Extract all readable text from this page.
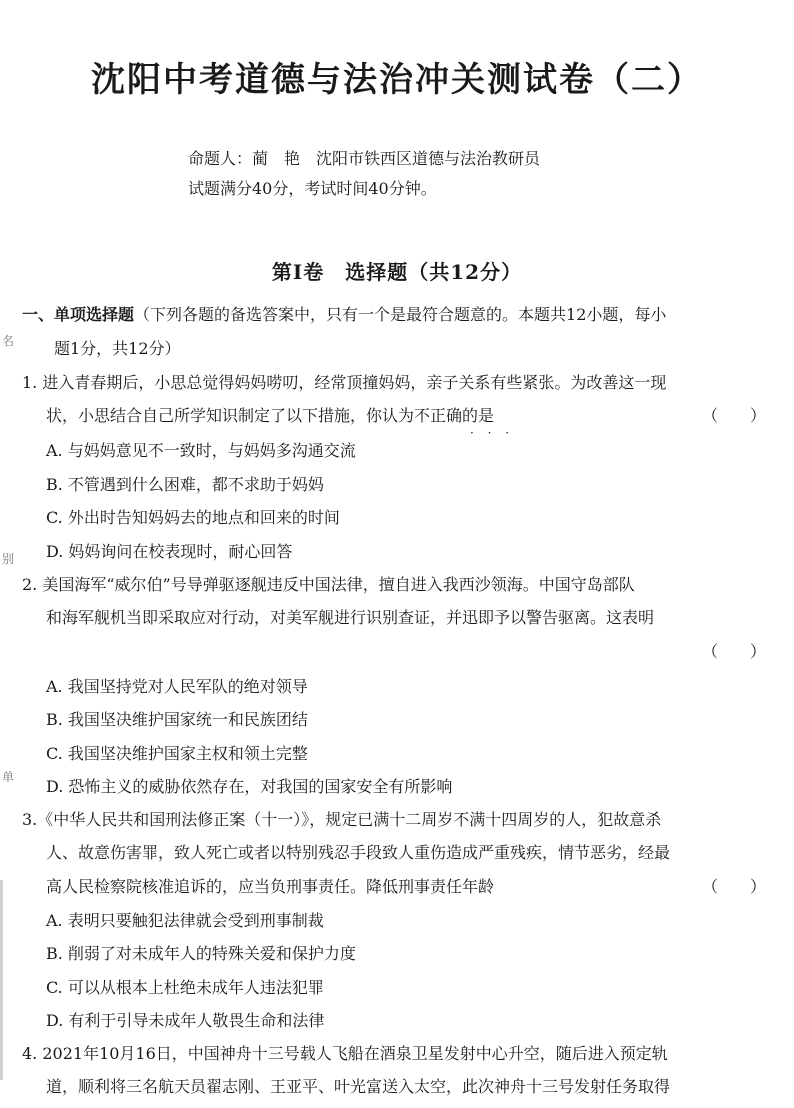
沈阳中考道德与法治冲关测试卷（二）
命题人：蔺　艳　沈阳市铁西区道德与法治教研员
试题满分40分，考试时间40分钟。
第Ⅰ卷　选择题（共12分）
名
别
单
一、单项选择题（下列各题的备选答案中，只有一个是最符合题意的。本题共12小题，每小
题1分，共12分）
1. 进入青春期后，小思总觉得妈妈唠叨，经常顶撞妈妈，亲子关系有些紧张。为改善这一现
状，小思结合自己所学知识制定了以下措施，你认为不正确的是
· · ·
（　　）
A. 与妈妈意见不一致时，与妈妈多沟通交流
B. 不管遇到什么困难，都不求助于妈妈
C. 外出时告知妈妈去的地点和回来的时间
D. 妈妈询问在校表现时，耐心回答
2. 美国海军“威尔伯”号导弹驱逐舰违反中国法律，擅自进入我西沙领海。中国守岛部队
和海军舰机当即采取应对行动，对美军舰进行识别查证，并迅即予以警告驱离。这表明
（　　）
A. 我国坚持党对人民军队的绝对领导
B. 我国坚决维护国家统一和民族团结
C. 我国坚决维护国家主权和领土完整
D. 恐怖主义的威胁依然存在，对我国的国家安全有所影响
3.《中华人民共和国刑法修正案（十一）》，规定已满十二周岁不满十四周岁的人，犯故意杀
人、故意伤害罪，致人死亡或者以特别残忍手段致人重伤造成严重残疾，情节恶劣，经最
高人民检察院核准追诉的，应当负刑事责任。降低刑事责任年龄	（　　）
A. 表明只要触犯法律就会受到刑事制裁
B. 削弱了对未成年人的特殊关爱和保护力度
C. 可以从根本上杜绝未成年人违法犯罪
D. 有利于引导未成年人敬畏生命和法律
4. 2021年10月16日，中国神舟十三号载人飞船在酒泉卫星发射中心升空，随后进入预定轨
道，顺利将三名航天员翟志刚、王亚平、叶光富送入太空，此次神舟十三号发射任务取得
